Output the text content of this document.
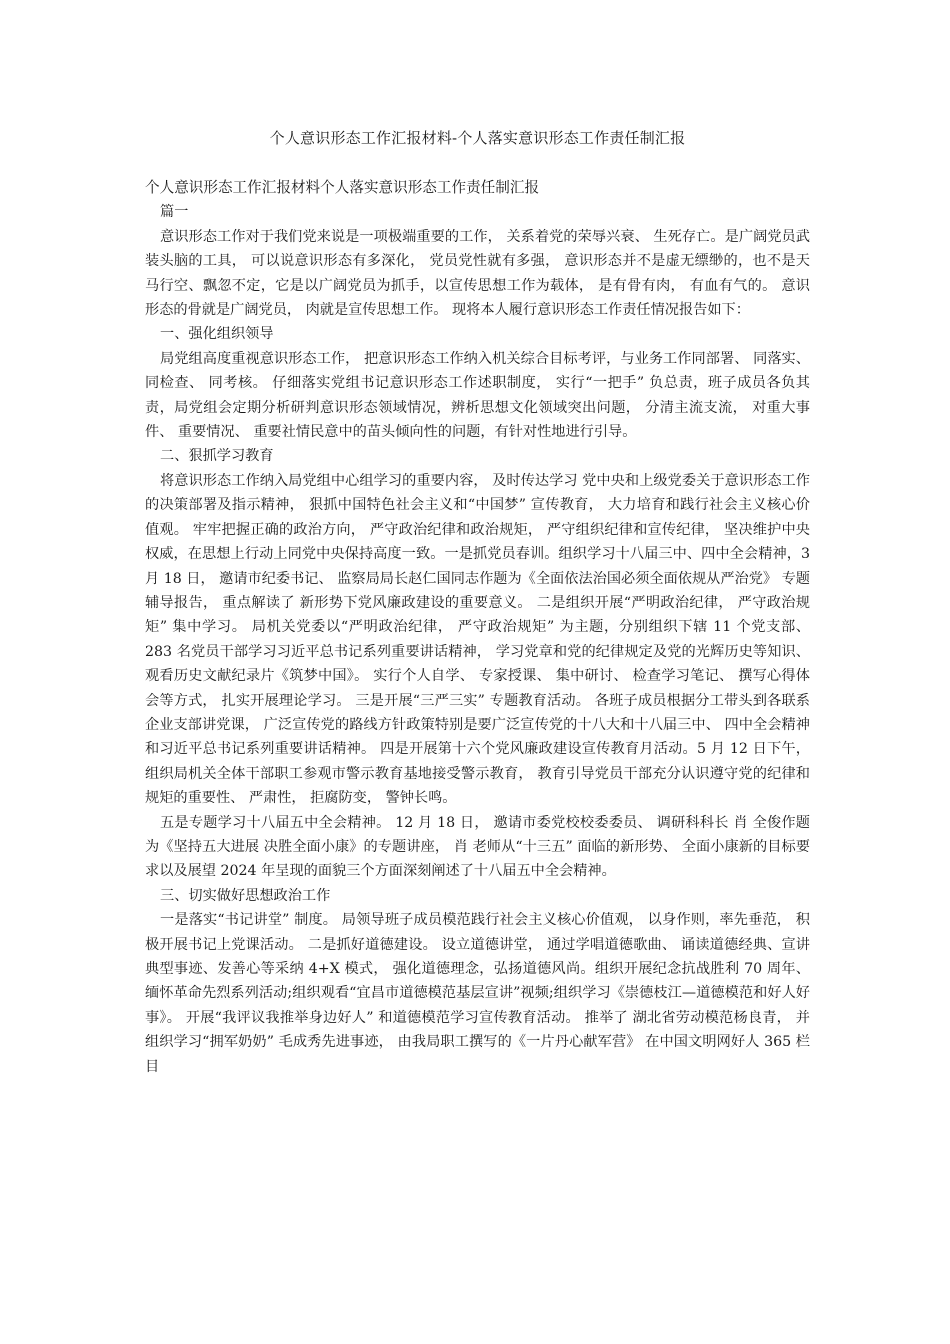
个人意识形态工作汇报材料-个人落实意识形态工作责任制汇报

个人意识形态工作汇报材料个人落实意识形态工作责任制汇报

篇一

意识形态工作对于我们党来说是一项极端重要的工作， 关系着党的荣辱兴衰、 生死存亡。是广阔党员武装头脑的工具， 可以说意识形态有多深化， 党员党性就有多强， 意识形态并不是虚无缥缈的，也不是天马行空、飘忽不定，它是以广阔党员为抓手，以宣传思想工作为载体， 是有骨有肉， 有血有气的。 意识形态的骨就是广阔党员， 肉就是宣传思想工作。 现将本人履行意识形态工作责任情况报告如下：

一、强化组织领导

局党组高度重视意识形态工作， 把意识形态工作纳入机关综合目标考评，与业务工作同部署、 同落实、 同检查、 同考核。 仔细落实党组书记意识形态工作述职制度， 实行“一把手” 负总责，班子成员各负其责，局党组会定期分析研判意识形态领域情况，辨析思想文化领域突出问题， 分清主流支流， 对重大事件、 重要情况、 重要社情民意中的苗头倾向性的问题，有针对性地进行引导。

二、狠抓学习教育

将意识形态工作纳入局党组中心组学习的重要内容， 及时传达学习 党中央和上级党委关于意识形态工作的决策部署及指示精神， 狠抓中国特色社会主义和“中国梦” 宣传教育， 大力培育和践行社会主义核心价值观。 牢牢把握正确的政治方向， 严守政治纪律和政治规矩， 严守组织纪律和宣传纪律， 坚决维护中央权威，在思想上行动上同党中央保持高度一致。一是抓党员春训。组织学习十八届三中、四中全会精神，3 月 18 日， 邀请市纪委书记、 监察局局长赵仁国同志作题为《全面依法治国必须全面依规从严治党》 专题辅导报告， 重点解读了 新形势下党风廉政建设的重要意义。 二是组织开展“严明政治纪律， 严守政治规矩” 集中学习。 局机关党委以“严明政治纪律， 严守政治规矩” 为主题，分别组织下辖 11 个党支部、 283 名党员干部学习习近平总书记系列重要讲话精神， 学习党章和党的纪律规定及党的光辉历史等知识、 观看历史文献纪录片《筑梦中国》。 实行个人自学、 专家授课、 集中研讨、 检查学习笔记、 撰写心得体会等方式， 扎实开展理论学习。 三是开展“三严三实” 专题教育活动。 各班子成员根据分工带头到各联系企业支部讲党课， 广泛宣传党的路线方针政策特别是要广泛宣传党的十八大和十八届三中、 四中全会精神和习近平总书记系列重要讲话精神。 四是开展第十六个党风廉政建设宣传教育月活动。5 月 12 日下午， 组织局机关全体干部职工参观市警示教育基地接受警示教育， 教育引导党员干部充分认识遵守党的纪律和规矩的重要性、 严肃性， 拒腐防变， 警钟长鸣。

五是专题学习十八届五中全会精神。 12 月 18 日， 邀请市委党校校委委员、 调研科科长 肖 全俊作题为《坚持五大进展 决胜全面小康》的专题讲座， 肖 老师从“十三五” 面临的新形势、 全面小康新的目标要求以及展望 2024 年呈现的面貌三个方面深刻阐述了十八届五中全会精神。

三、切实做好思想政治工作

一是落实“书记讲堂” 制度。 局领导班子成员模范践行社会主义核心价值观， 以身作则，率先垂范， 积极开展书记上党课活动。 二是抓好道德建设。 设立道德讲堂， 通过学唱道德歌曲、 诵读道德经典、宣讲典型事迹、发善心等采纳 4+X 模式， 强化道德理念，弘扬道德风尚。组织开展纪念抗战胜利 70 周年、 缅怀革命先烈系列活动;组织观看“宜昌市道德模范基层宣讲”视频;组织学习《崇德枝江—道德模范和好人好事》。 开展“我评议我推举身边好人” 和道德模范学习宣传教育活动。 推举了 湖北省劳动模范杨良青， 并组织学习“拥军奶奶” 毛成秀先进事迹， 由我局职工撰写的《一片丹心献军营》 在中国文明网好人 365 栏目
